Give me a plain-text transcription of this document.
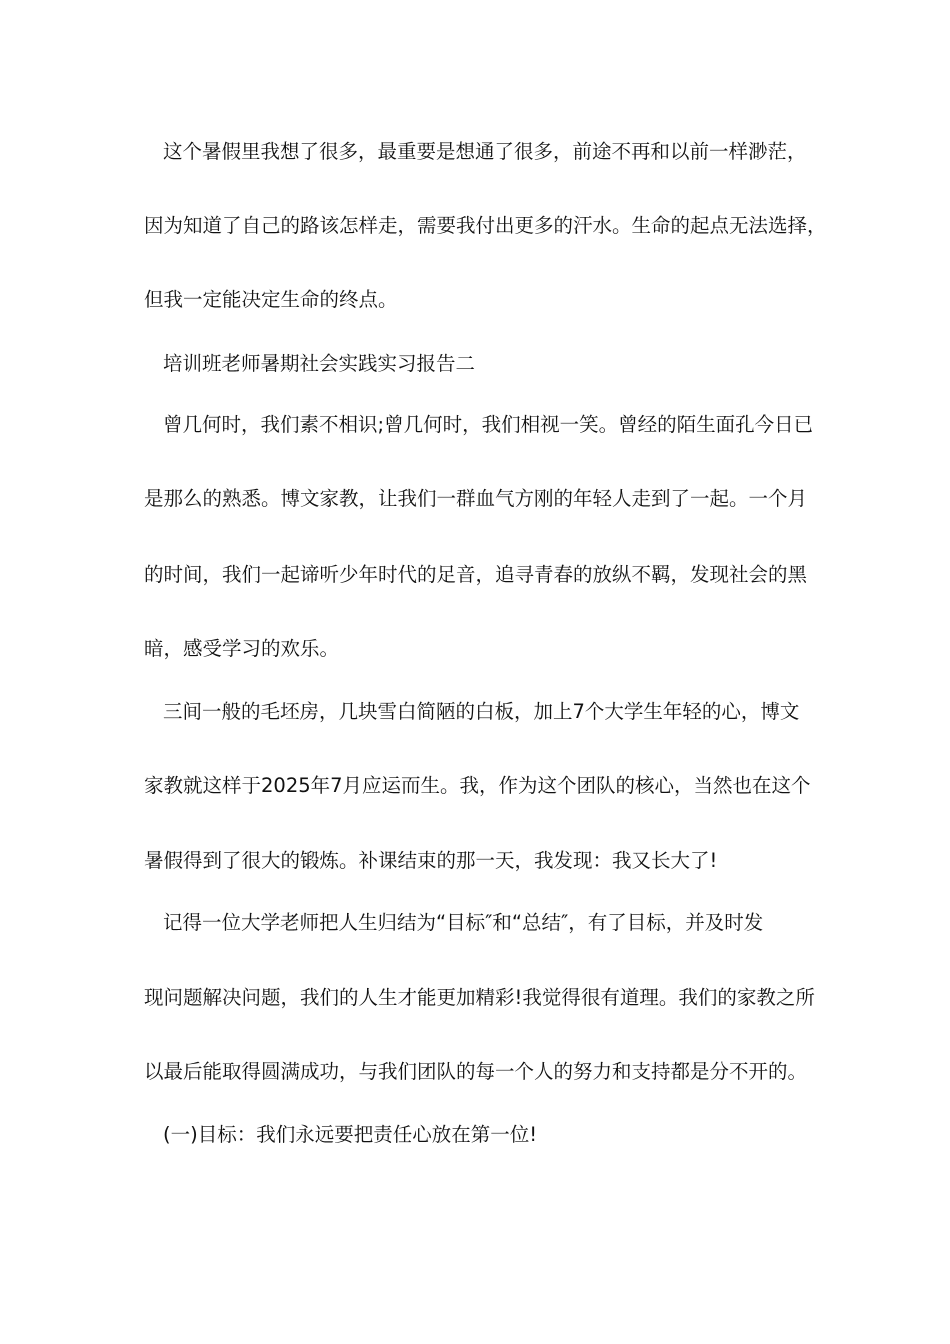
这个暑假里我想了很多，最重要是想通了很多，前途不再和以前一样渺茫，
因为知道了自己的路该怎样走，需要我付出更多的汗水。生命的起点无法选择，
但我一定能决定生命的终点。
培训班老师暑期社会实践实习报告二
曾几何时，我们素不相识;曾几何时，我们相视一笑。曾经的陌生面孔今日已
是那么的熟悉。博文家教，让我们一群血气方刚的年轻人走到了一起。一个月
的时间，我们一起谛听少年时代的足音，追寻青春的放纵不羁，发现社会的黑
暗，感受学习的欢乐。
三间一般的毛坯房，几块雪白简陋的白板，加上7个大学生年轻的心，博文
家教就这样于2025年7月应运而生。我，作为这个团队的核心，当然也在这个
暑假得到了很大的锻炼。补课结束的那一天，我发现：我又长大了!
记得一位大学老师把人生归结为“目标″和“总结″，有了目标，并及时发
现问题解决问题，我们的人生才能更加精彩!我觉得很有道理。我们的家教之所
以最后能取得圆满成功，与我们团队的每一个人的努力和支持都是分不开的。
(一)目标：我们永远要把责任心放在第一位!
